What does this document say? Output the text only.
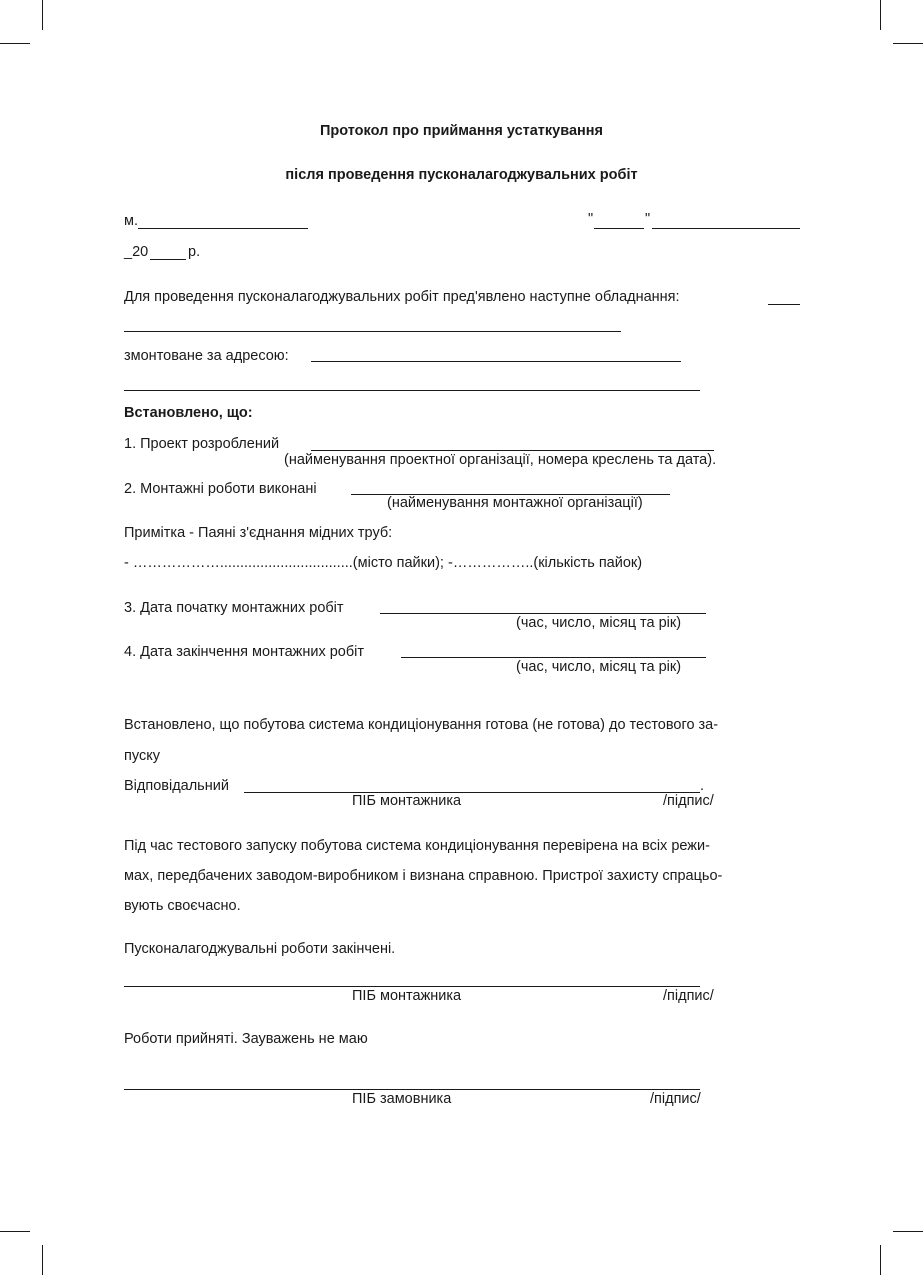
Протокол про приймання устаткування
після проведення пусконалагоджувальних робіт
м.	"	"
_20	р.
Для проведення пусконалагоджувальних робіт пред'явлено наступне обладнання:
змонтоване за адресою:
Встановлено, що:
1. Проект розроблений
(найменування проектної організації, номера креслень та дата).
2. Монтажні роботи виконані
(найменування монтажної організації)
Примітка - Паяні з'єднання мідних труб:
- ……………….................................(місто пайки); -……………..(кількість пайок)
3. Дата початку монтажних робіт
(час, число, місяц та рік)
4. Дата закінчення монтажних робіт
(час, число, місяц та рік)
Встановлено, що побутова система кондиціонування готова (не готова) до тестового за-
пуску
Відповідальний	.
ПІБ монтажника	/підпис/
Під час тестового запуску побутова система кондиціонування перевірена на всіх режи-
мах, передбачених заводом-виробником і визнана справною. Пристрої захисту спрацьо-
вують своєчасно.
Пусконалагоджувальні роботи закінчені.
ПІБ монтажника	/підпис/
Роботи прийняті. Зауважень не маю
ПІБ замовника	/підпис/
